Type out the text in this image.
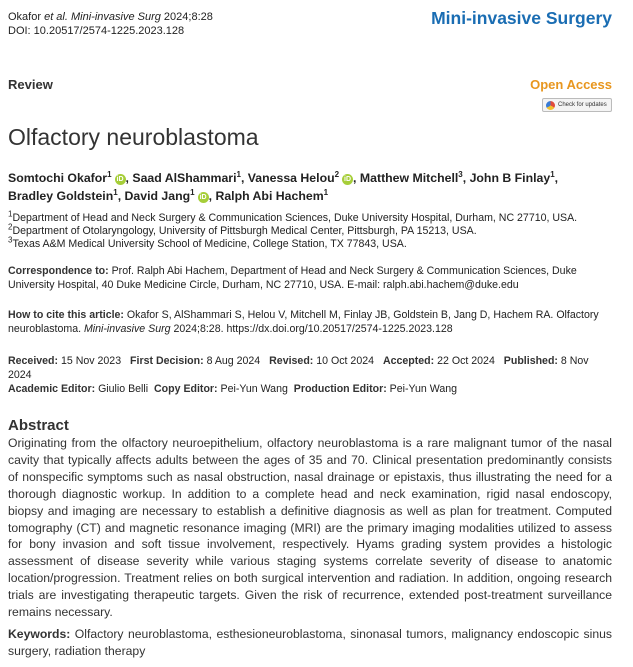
Okafor et al. Mini-invasive Surg 2024;8:28
DOI: 10.20517/2574-1225.2023.128
Mini-invasive Surgery
Review	Open Access
Check for updates
Olfactory neuroblastoma
Somtochi Okafor$^1$iD , Saad AlShammari$^1$, Vanessa Helou$^2$iD , Matthew Mitchell$^3$, John B Finlay$^1$, Bradley Goldstein$^1$, David Jang$^1$iD , Ralph Abi Hachem$^1$
$^1$Department of Head and Neck Surgery & Communication Sciences, Duke University Hospital, Durham, NC 27710, USA.
$^2$Department of Otolaryngology, University of Pittsburgh Medical Center, Pittsburgh, PA 15213, USA.
$^3$Texas A&M Medical University School of Medicine, College Station, TX 77843, USA.
Correspondence to: Prof. Ralph Abi Hachem, Department of Head and Neck Surgery & Communication Sciences, Duke University Hospital, 40 Duke Medicine Circle, Durham, NC 27710, USA. E-mail: ralph.abi.hachem@duke.edu
How to cite this article: Okafor S, AlShammari S, Helou V, Mitchell M, Finlay JB, Goldstein B, Jang D, Hachem RA. Olfactory neuroblastoma. Mini-invasive Surg 2024;8:28. https://dx.doi.org/10.20517/2574-1225.2023.128
Received: 15 Nov 2023 First Decision: 8 Aug 2024 Revised: 10 Oct 2024 Accepted: 22 Oct 2024 Published: 8 Nov 2024
Academic Editor: Giulio Belli Copy Editor: Pei-Yun Wang Production Editor: Pei-Yun Wang
Abstract
Originating from the olfactory neuroepithelium, olfactory neuroblastoma is a rare malignant tumor of the nasal cavity that typically affects adults between the ages of 35 and 70. Clinical presentation predominantly consists of nonspecific symptoms such as nasal obstruction, nasal drainage or epistaxis, thus illustrating the need for a thorough diagnostic workup. In addition to a complete head and neck examination, rigid nasal endoscopy, biopsy and imaging are necessary to establish a definitive diagnosis as well as plan for treatment. Computed tomography (CT) and magnetic resonance imaging (MRI) are the primary imaging modalities utilized to assess for bony invasion and soft tissue involvement, respectively. Hyams grading system provides a histologic assessment of disease severity while various staging systems correlate severity of disease to anatomic location/progression. Treatment relies on both surgical intervention and radiation. In addition, ongoing research trials are investigating therapeutic targets. Given the risk of recurrence, extended post-treatment surveillance remains necessary.
Keywords: Olfactory neuroblastoma, esthesioneuroblastoma, sinonasal tumors, malignancy endoscopic sinus surgery, radiation therapy
